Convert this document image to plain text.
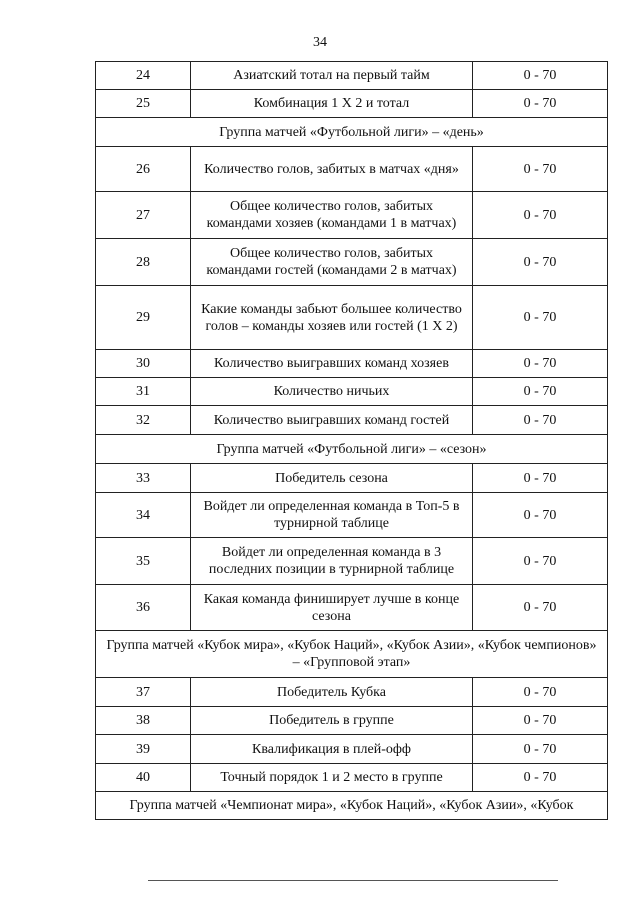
34
24	Азиатский тотал на первый тайм	0 - 70
25	Комбинация 1 Х 2 и тотал	0 - 70
Группа матчей «Футбольной лиги» – «день»		
26	Количество голов, забитых в матчах «дня»	0 - 70
27	Общее количество голов, забитых командами хозяев (командами 1 в матчах)	0 - 70
28	Общее количество голов, забитых командами гостей (командами 2 в матчах)	0 - 70
29	Какие команды забьют большее количество голов – команды хозяев или гостей (1 Х 2)	0 - 70
30	Количество выигравших команд хозяев	0 - 70
31	Количество ничьих	0 - 70
32	Количество выигравших команд гостей	0 - 70
Группа матчей «Футбольной лиги» – «сезон»		
33	Победитель сезона	0 - 70
34	Войдет ли определенная команда в Топ-5 в турнирной таблице	0 - 70
35	Войдет ли определенная команда в 3 последних позиции в турнирной таблице	0 - 70
36	Какая команда финиширует лучше в конце сезона	0 - 70
Группа матчей «Кубок мира», «Кубок Наций», «Кубок Азии», «Кубок чемпионов» – «Групповой этап»		
37	Победитель Кубка	0 - 70
38	Победитель в группе	0 - 70
39	Квалификация в плей-офф	0 - 70
40	Точный порядок 1 и 2 место в группе	0 - 70
Группа матчей «Чемпионат мира», «Кубок Наций», «Кубок Азии», «Кубок		
